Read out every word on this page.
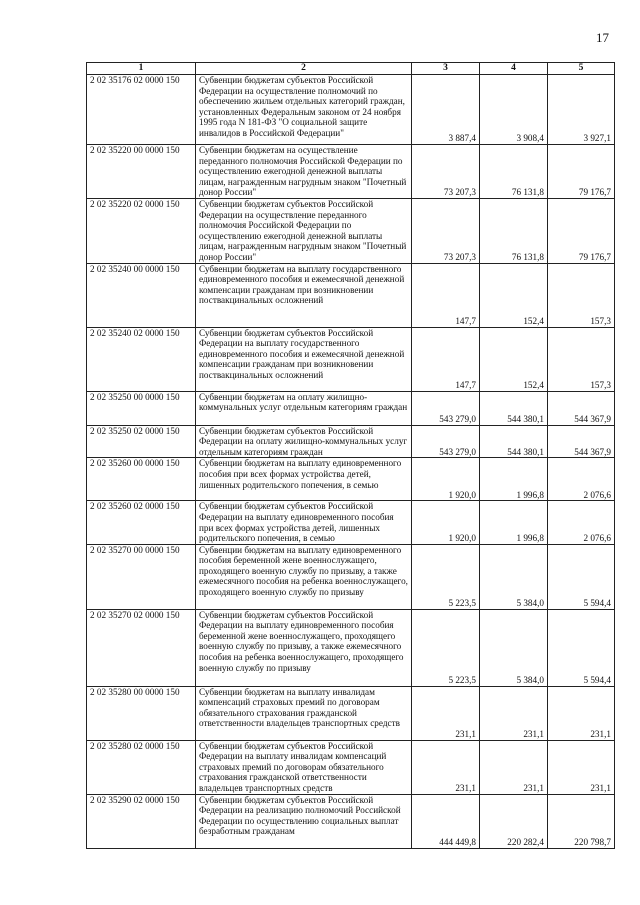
17
1	2	3	4	5
2 02 35176 02 0000 150	Субвенции бюджетам субъектов Российской Федерации на осуществление полномочий по обеспечению жильем отдельных категорий граждан, установленных Федеральным законом от 24 ноября 1995 года N 181-ФЗ "О социальной защите инвалидов в Российской Федерации"	3 887,4	3 908,4	3 927,1
2 02 35220 00 0000 150	Субвенции бюджетам на осуществление переданного полномочия Российской Федерации по осуществлению ежегодной денежной выплаты лицам, награжденным нагрудным знаком "Почетный донор России"	73 207,3	76 131,8	79 176,7
2 02 35220 02 0000 150	Субвенции бюджетам субъектов Российской Федерации на осуществление переданного полномочия Российской Федерации по осуществлению ежегодной денежной выплаты лицам, награжденным нагрудным знаком "Почетный донор России"	73 207,3	76 131,8	79 176,7
2 02 35240 00 0000 150	Субвенции бюджетам на выплату государственного единовременного пособия и ежемесячной денежной компенсации гражданам при возникновении поствакцинальных осложнений	147,7	152,4	157,3
2 02 35240 02 0000 150	Субвенции бюджетам субъектов Российской Федерации на выплату государственного единовременного пособия и ежемесячной денежной компенсации гражданам при возникновении поствакцинальных осложнений	147,7	152,4	157,3
2 02 35250 00 0000 150	Субвенции бюджетам на оплату жилищно-коммунальных услуг отдельным категориям граждан	543 279,0	544 380,1	544 367,9
2 02 35250 02 0000 150	Субвенции бюджетам субъектов Российской Федерации на оплату жилищно-коммунальных услуг отдельным категориям граждан	543 279,0	544 380,1	544 367,9
2 02 35260 00 0000 150	Субвенции бюджетам на выплату единовременного пособия при всех формах устройства детей, лишенных родительского попечения, в семью	1 920,0	1 996,8	2 076,6
2 02 35260 02 0000 150	Субвенции бюджетам субъектов Российской Федерации на выплату единовременного пособия при всех формах устройства детей, лишенных родительского попечения, в семью	1 920,0	1 996,8	2 076,6
2 02 35270 00 0000 150	Субвенции бюджетам на выплату единовременного пособия беременной жене военнослужащего, проходящего военную службу по призыву, а также ежемесячного пособия на ребенка военнослужащего, проходящего военную службу по призыву	5 223,5	5 384,0	5 594,4
2 02 35270 02 0000 150	Субвенции бюджетам субъектов Российской Федерации на выплату единовременного пособия беременной жене военнослужащего, проходящего военную службу по призыву, а также ежемесячного пособия на ребенка военнослужащего, проходящего военную службу по призыву	5 223,5	5 384,0	5 594,4
2 02 35280 00 0000 150	Субвенции бюджетам на выплату инвалидам компенсаций страховых премий по договорам обязательного страхования гражданской ответственности владельцев транспортных средств	231,1	231,1	231,1
2 02 35280 02 0000 150	Субвенции бюджетам субъектов Российской Федерации на выплату инвалидам компенсаций страховых премий по договорам обязательного страхования гражданской ответственности владельцев транспортных средств	231,1	231,1	231,1
2 02 35290 02 0000 150	Субвенции бюджетам субъектов Российской Федерации на реализацию полномочий Российской Федерации по осуществлению социальных выплат безработным гражданам	444 449,8	220 282,4	220 798,7
